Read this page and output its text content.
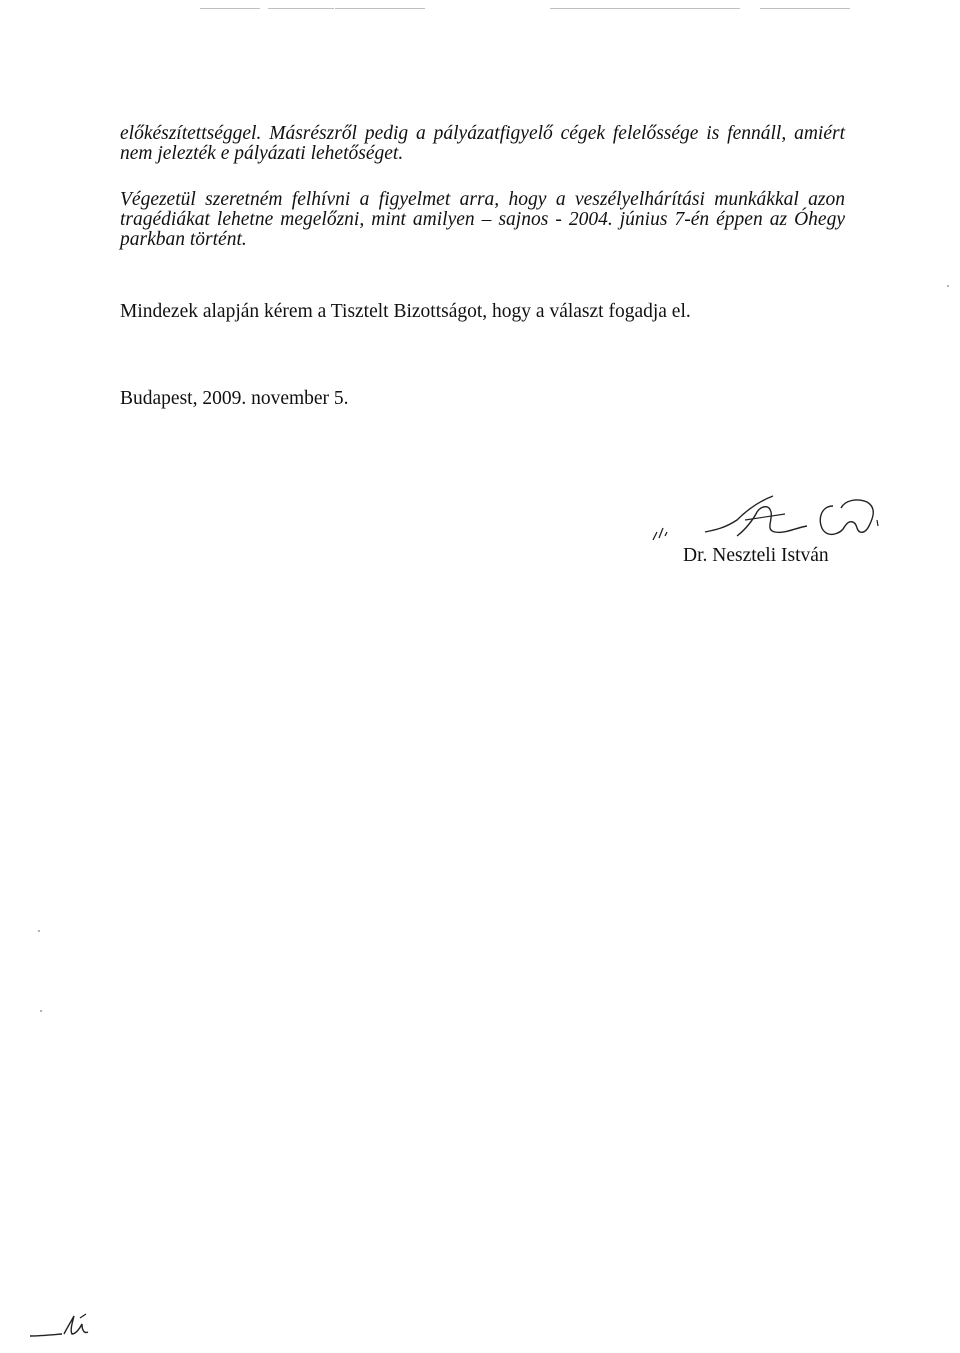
előkészítettséggel. Másrészről pedig a pályázatfigyelő cégek felelőssége is fennáll, amiért nem jelezték e pályázati lehetőséget.

Végezetül szeretném felhívni a figyelmet arra, hogy a veszélyelhárítási munkákkal azon tragédiákat lehetne megelőzni, mint amilyen – sajnos - 2004. június 7-én éppen az Óhegy parkban történt.

Mindezek alapján kérem a Tisztelt Bizottságot, hogy a választ fogadja el.

Budapest, 2009. november 5.

Dr. Neszteli István
